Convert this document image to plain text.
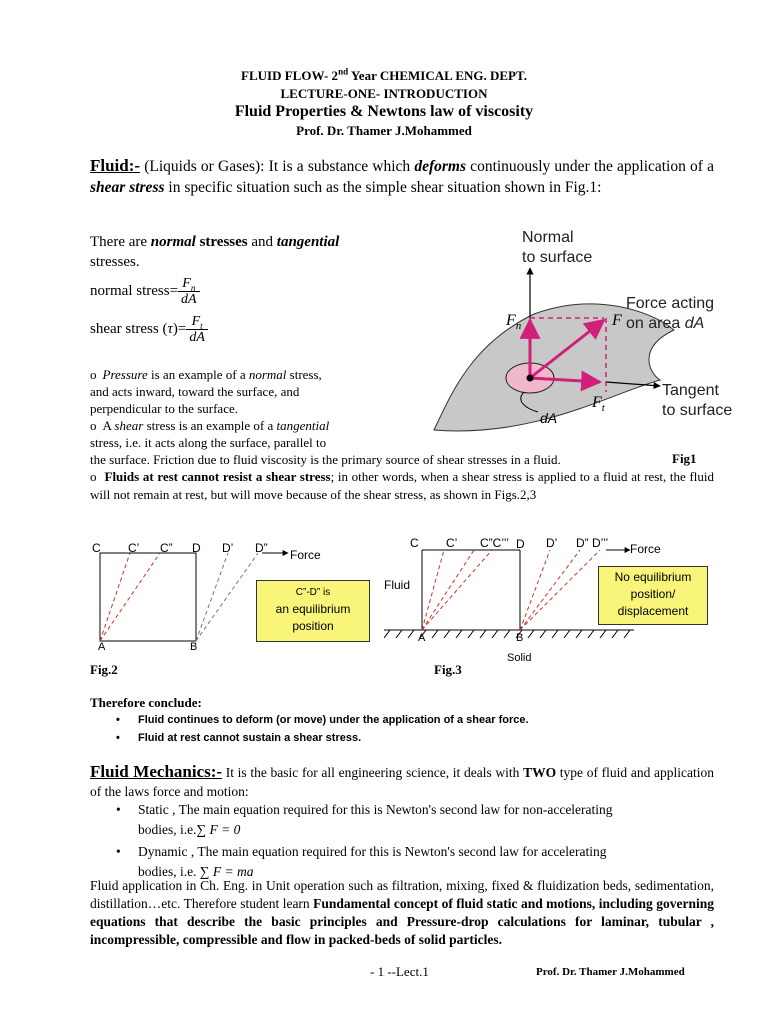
FLUID FLOW- 2nd Year CHEMICAL ENG. DEPT.
LECTURE-ONE- INTRODUCTION
Fluid Properties & Newtons law of viscosity
Prof. Dr. Thamer J.Mohammed
Fluid:- (Liquids or Gases): It is a substance which deforms continuously under the application of a shear stress in specific situation such as the simple shear situation shown in Fig.1:
There are normal stresses and tangential
stresses.
normal stress= $\frac{F_n}{dA}$
shear stress $(\tau)= \frac{F_t}{dA}$
o Pressure is an example of a normal stress,
and acts inward, toward the surface, and
perpendicular to the surface.
o A shear stress is an example of a tangential
stress, i.e. it acts along the surface, parallel to
the surface. Friction due to fluid viscosity is the primary source of shear stresses in a fluid.	Fig1
o Fluids at rest cannot resist a shear stress; in other words, when a shear stress is applied to a fluid at rest, the fluid will not remain at rest, but will move because of the shear stress, as shown in Figs.2,3
Normal
to surface
Force acting
on area dA
Tangent
to surface
$F_n$	F
$F_t$
dA
C C’ C” D D’ D” Force
A	B
C”-D” is
an equilibrium
position
Fig.2
C C’ C”C’’’ D D’ D” D’’’ Force
Fluid
A	B
Solid
No equilibrium
position/
displacement
Fig.3
Therefore conclude:
• Fluid continues to deform (or move) under the application of a shear force.
• Fluid at rest cannot sustain a shear stress.
Fluid Mechanics:- It is the basic for all engineering science, it deals with TWO type of fluid and application of the laws force and motion:
• Static , The main equation required for this is Newton's second law for non-accelerating
bodies, i.e.∑ F = 0
• Dynamic , The main equation required for this is Newton's second law for accelerating
bodies, i.e. ∑ F = ma
Fluid application in Ch. Eng. in Unit operation such as filtration, mixing, fixed & fluidization beds, sedimentation, distillation…etc. Therefore student learn Fundamental concept of fluid static and motions, including governing equations that describe the basic principles and Pressure-drop calculations for laminar, tubular , incompressible, compressible and flow in packed-beds of solid particles.
- 1 --Lect.1	Prof. Dr. Thamer J.Mohammed
